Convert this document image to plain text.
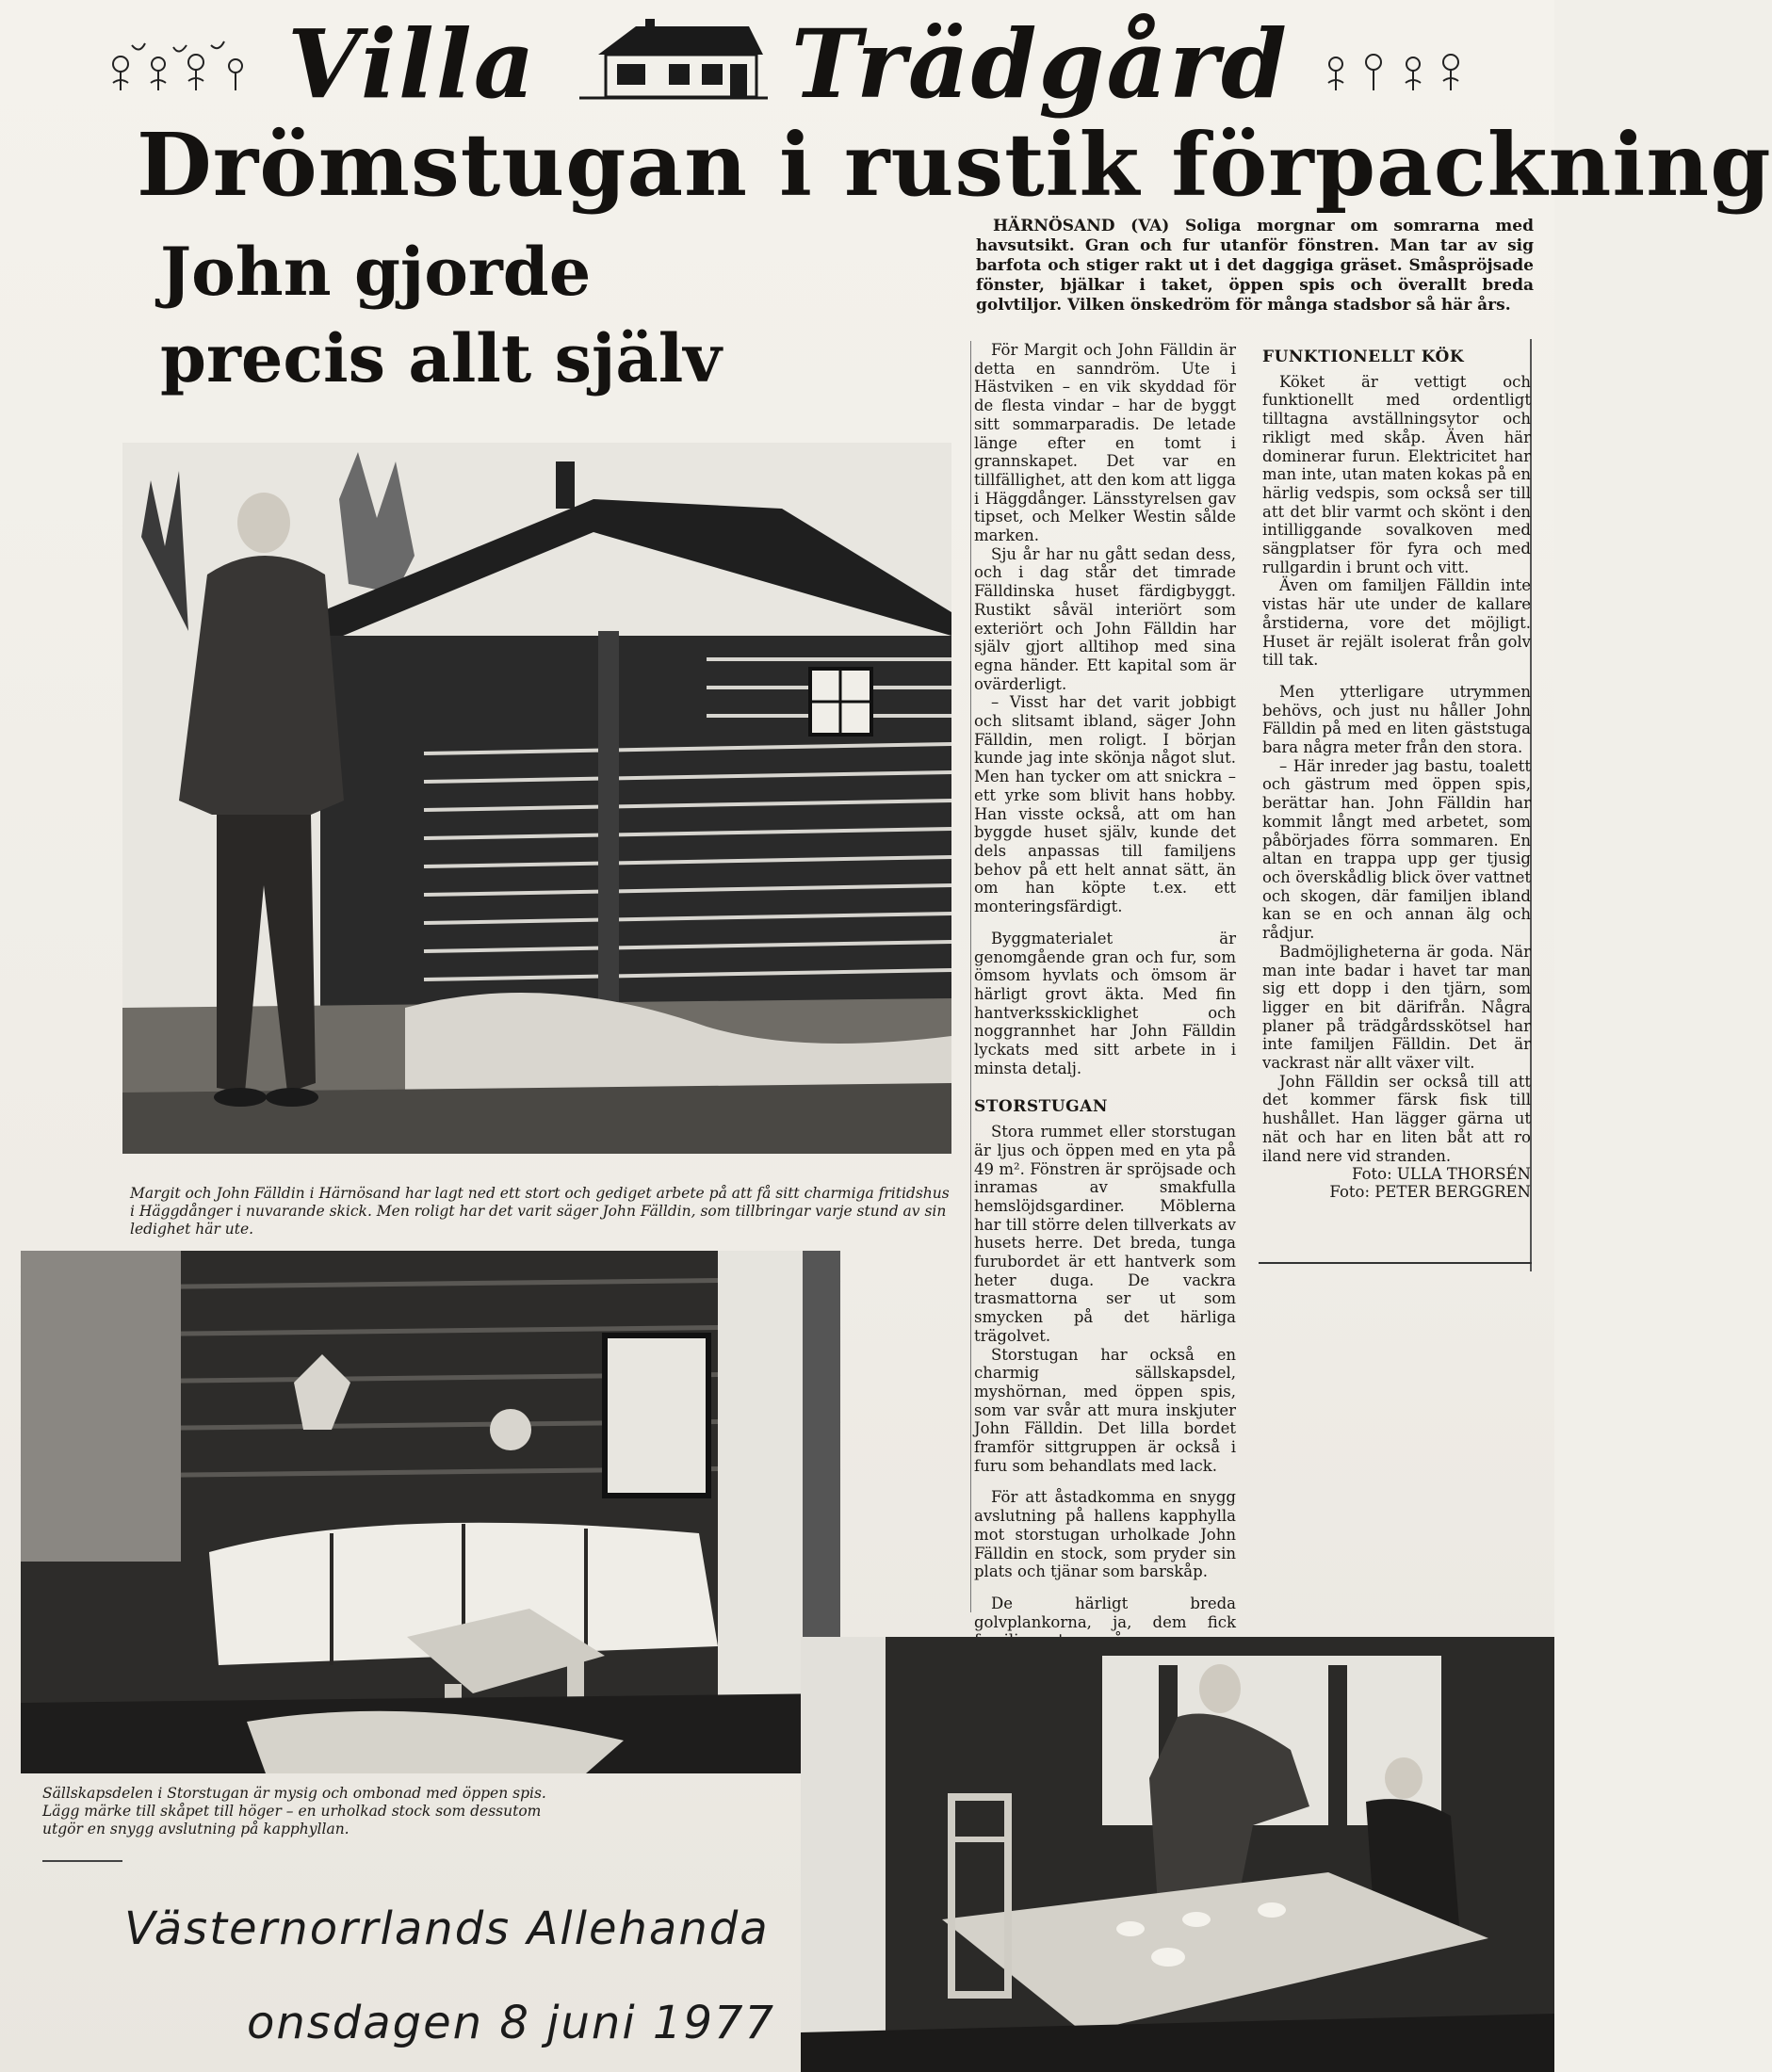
Villa	Trädgård
Drömstugan i rustik förpackning
John gjorde
precis allt själv

HÄRNÖSAND (VA) Soliga morgnar om somrarna med havsutsikt. Gran och fur utanför fönstren. Man tar av sig barfota och stiger rakt ut i det daggiga gräset. Småspröjsade fönster, bjälkar i taket, öppen spis och överallt breda golvtiljor. Vilken önskedröm för många stadsbor så här års.

För Margit och John Fälldin är detta en sanndröm. Ute i Hästviken – en vik skyddad för de flesta vindar – har de byggt sitt sommarparadis. De letade länge efter en tomt i grannskapet. Det var en tillfällighet, att den kom att ligga i Häggdånger. Länsstyrelsen gav tipset, och Melker Westin sålde marken.

Sju år har nu gått sedan dess, och i dag står det timrade Fälldinska huset färdigbyggt. Rustikt såväl interiört som exteriört och John Fälldin har själv gjort alltihop med sina egna händer. Ett kapital som är ovärderligt.

– Visst har det varit jobbigt och slitsamt ibland, säger John Fälldin, men roligt. I början kunde jag inte skönja något slut. Men han tycker om att snickra – ett yrke som blivit hans hobby. Han visste också, att om han byggde huset själv, kunde det dels anpassas till familjens behov på ett helt annat sätt, än om han köpte t.ex. ett monteringsfärdigt.

Byggmaterialet är genomgående gran och fur, som ömsom hyvlats och ömsom är härligt grovt äkta. Med fin hantverksskicklighet och noggrannhet har John Fälldin lyckats med sitt arbete in i minsta detalj.

STORSTUGAN

Stora rummet eller storstugan är ljus och öppen med en yta på 49 m². Fönstren är spröjsade och inramas av smakfulla hemslöjdsgardiner. Möblerna har till större delen tillverkats av husets herre. Det breda, tunga furubordet är ett hantverk som heter duga. De vackra trasmattorna ser ut som smycken på det härliga trägolvet.

Storstugan har också en charmig sällskapsdel, myshörnan, med öppen spis, som var svår att mura inskjuter John Fälldin. Det lilla bordet framför sittgruppen är också i furu som behandlats med lack.

För att åstadkomma en snygg avslutning på hallens kapphylla mot storstugan urholkade John Fälldin en stock, som pryder sin plats och tjänar som barskåp.

De härligt breda golvplankorna, ja, dem fick

FUNKTIONELLT KÖK

Köket är vettigt och funktionellt med ordentligt tilltagna avställningsytor och rikligt med skåp. Även här dominerar furun. Elektricitet har man inte, utan maten kokas på en härlig vedspis, som också ser till att det blir varmt och skönt i den intilliggande sovalkoven med sängplatser för fyra och med rullgardin i brunt och vitt.

Även om familjen Fälldin inte vistas här ute under de kallare årstiderna, vore det möjligt. Huset är rejält isolerat från golv till tak.

Men ytterligare utrymmen behövs, och just nu håller John Fälldin på med en liten gäststuga bara några meter från den stora.

– Här inreder jag bastu, toalett och gästrum med öppen spis, berättar han. John Fälldin har kommit långt med arbetet, som påbörjades förra sommaren. En altan en trappa upp ger tjusig och överskådlig blick över vattnet och skogen, där familjen ibland kan se en och annan älg och rådjur.

Badmöjligheterna är goda. När man inte badar i havet tar man sig ett dopp i den tjärn, som ligger en bit därifrån. Några planer på trädgårdsskötsel har inte familjen Fälldin. Det är vackrast när allt växer vilt.

John Fälldin ser också till att det kommer färsk fisk till hushållet. Han lägger gärna ut nät och har en liten båt att ro iland nere vid stranden.

Foto: ULLA THORSÉN

Foto: PETER BERGGREN

Margit och John Fälldin i Härnösand har lagt ned ett stort och gediget arbete på att få sitt charmiga fritidshus i Häggdånger i nuvarande skick. Men roligt har det varit säger John Fälldin, som tillbringar varje stund av sin ledighet här ute.
Sällskapsdelen i Storstugan är mysig och ombonad med öppen spis. Lägg märke till skåpet till höger – en urholkad stock som dessutom utgör en snygg avslutning på kapphyllan.
Västernorrlands Allehanda
onsdagen 8 juni 1977
